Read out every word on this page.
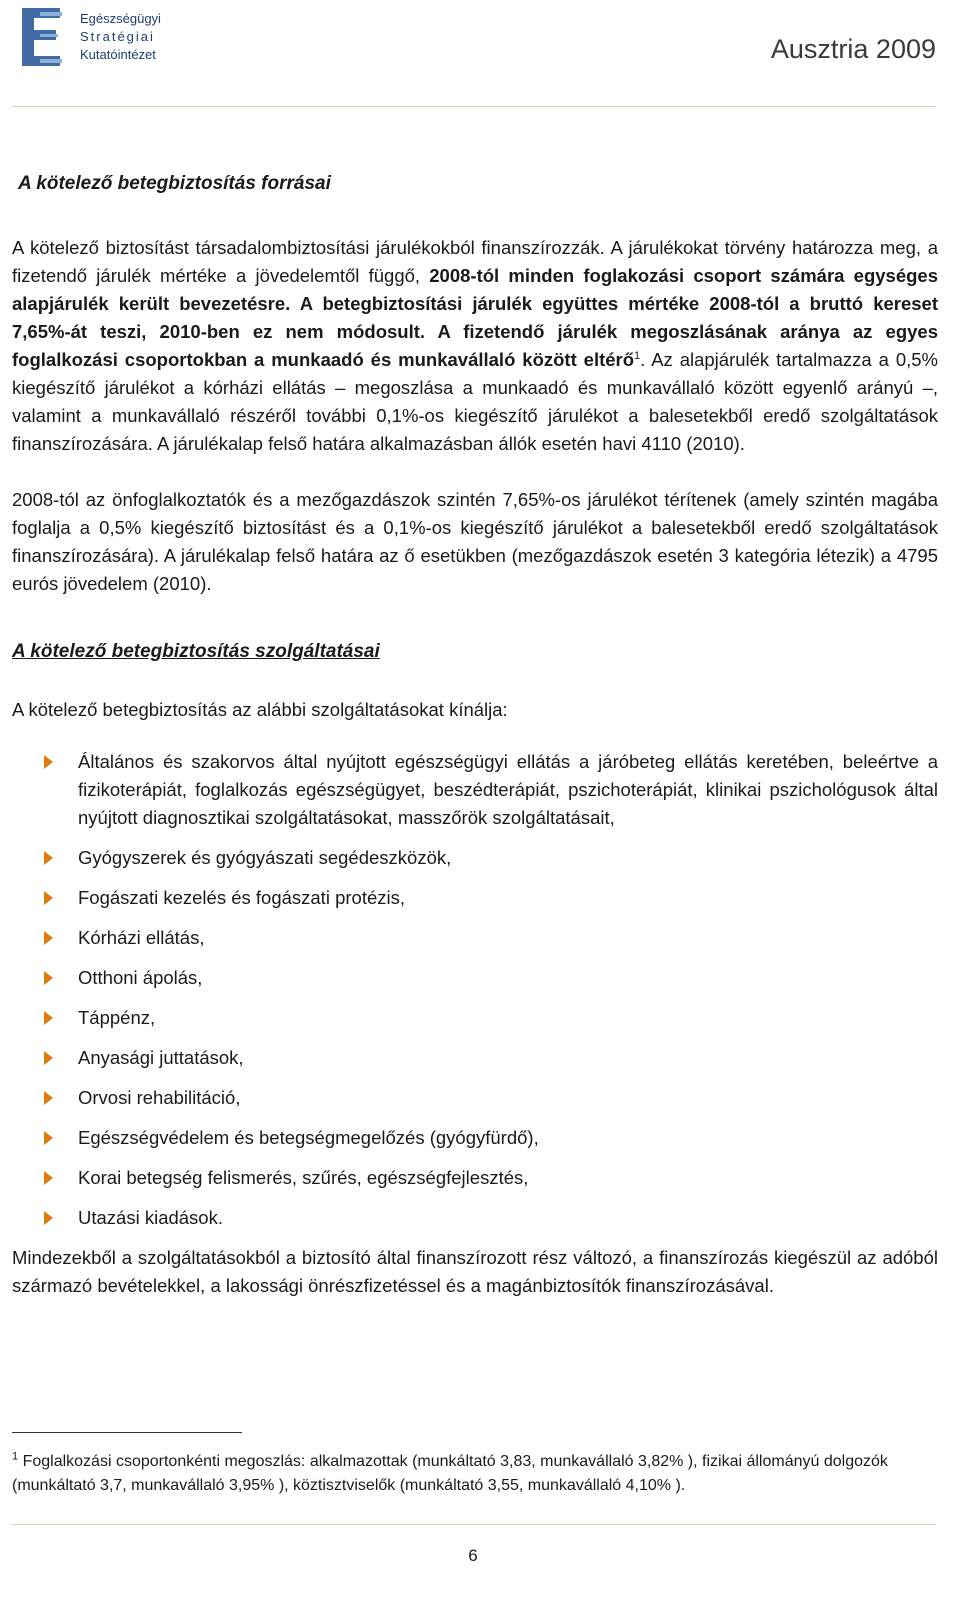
Egészségügyi
Stratégiai
Kutatóintézet	Ausztria 2009
A kötelező betegbiztosítás forrásai

A kötelező biztosítást társadalombiztosítási járulékokból finanszírozzák. A járulékokat törvény határozza meg, a fizetendő járulék mértéke a jövedelemtől függő, 2008-tól minden foglakozási csoport számára egységes alapjárulék került bevezetésre. A betegbiztosítási járulék együttes mértéke 2008-tól a bruttó kereset 7,65%-át teszi, 2010-ben ez nem módosult. A fizetendő járulék megoszlásának aránya az egyes foglalkozási csoportokban a munkaadó és munkavállaló között eltérő$^1$. Az alapjárulék tartalmazza a 0,5% kiegészítő járulékot a kórházi ellátás – megoszlása a munkaadó és munkavállaló között egyenlő arányú –, valamint a munkavállaló részéről további 0,1%-os kiegészítő járulékot a balesetekből eredő szolgáltatások finanszírozására. A járulékalap felső határa alkalmazásban állók esetén havi 4110 (2010).

2008-tól az önfoglalkoztatók és a mezőgazdászok szintén 7,65%-os járulékot térítenek (amely szintén magába foglalja a 0,5% kiegészítő biztosítást és a 0,1%-os kiegészítő járulékot a balesetekből eredő szolgáltatások finanszírozására). A járulékalap felső határa az ő esetükben (mezőgazdászok esetén 3 kategória létezik) a 4795 eurós jövedelem (2010).

A kötelező betegbiztosítás szolgáltatásai

A kötelező betegbiztosítás az alábbi szolgáltatásokat kínálja:

Általános és szakorvos által nyújtott egészségügyi ellátás a járóbeteg ellátás keretében, beleértve a fizikoterápiát, foglalkozás egészségügyet, beszédterápiát, pszichoterápiát, klinikai pszichológusok által nyújtott diagnosztikai szolgáltatásokat, masszőrök szolgáltatásait,
Gyógyszerek és gyógyászati segédeszközök,
Fogászati kezelés és fogászati protézis,
Kórházi ellátás,
Otthoni ápolás,
Táppénz,
Anyasági juttatások,
Orvosi rehabilitáció,
Egészségvédelem és betegségmegelőzés (gyógyfürdő),
Korai betegség felismerés, szűrés, egészségfejlesztés,
Utazási kiadások.

Mindezekből a szolgáltatásokból a biztosító által finanszírozott rész változó, a finanszírozás kiegészül az adóból származó bevételekkel, a lakossági önrészfizetéssel és a magánbiztosítók finanszírozásával.

$^1$ Foglalkozási csoportonkénti megoszlás: alkalmazottak (munkáltató 3,83, munkavállaló 3,82% ), fizikai állományú dolgozók (munkáltató 3,7, munkavállaló 3,95% ), köztisztviselők (munkáltató 3,55, munkavállaló 4,10% ).
6
